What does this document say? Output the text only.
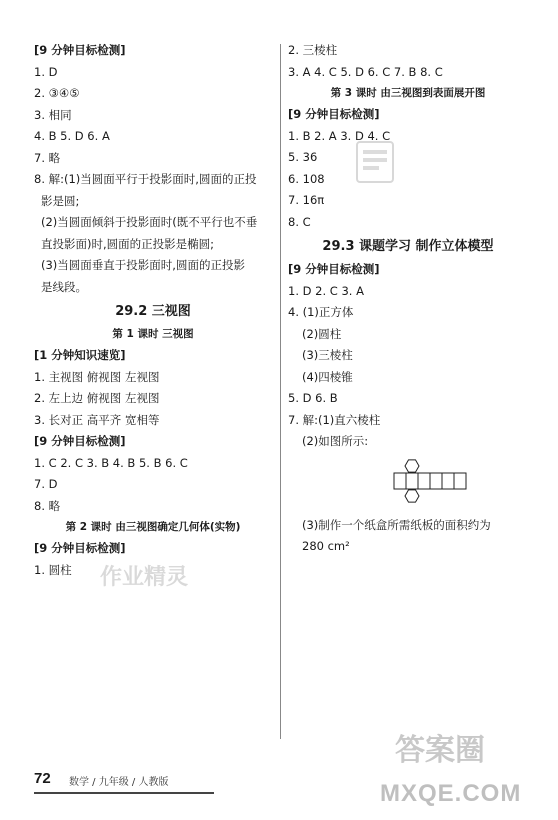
[9 分钟目标检测]
1. D
2. ③④⑤
3. 相同
4. B 5. D 6. A
7. 略
8. 解:(1)当圆面平行于投影面时,圆面的正投
影是圆;
(2)当圆面倾斜于投影面时(既不平行也不垂
直投影面)时,圆面的正投影是椭圆;
(3)当圆面垂直于投影面时,圆面的正投影
是线段。
29.2 三视图
第 1 课时 三视图
[1 分钟知识速览]
1. 主视图 俯视图 左视图
2. 左上边 俯视图 左视图
3. 长对正 高平齐 宽相等
[9 分钟目标检测]
1. C 2. C 3. B 4. B 5. B 6. C
7. D
8. 略
第 2 课时 由三视图确定几何体(实物)
[9 分钟目标检测]
1. 圆柱
2. 三棱柱
3. A 4. C 5. D 6. C 7. B 8. C
第 3 课时 由三视图到表面展开图
[9 分钟目标检测]
1. B 2. A 3. D 4. C
5. 36
6. 108
7. 16π
8. C
29.3 课题学习 制作立体模型
[9 分钟目标检测]
1. D 2. C 3. A
4. (1)正方体
(2)圆柱
(3)三棱柱
(4)四棱锥
5. D 6. B
7. 解:(1)直六棱柱
(2)如图所示:
(3)制作一个纸盒所需纸板的面积约为
280 cm²
作业精灵
答案圈
MXQE.COM
72 数学 / 九年级 / 人教版
